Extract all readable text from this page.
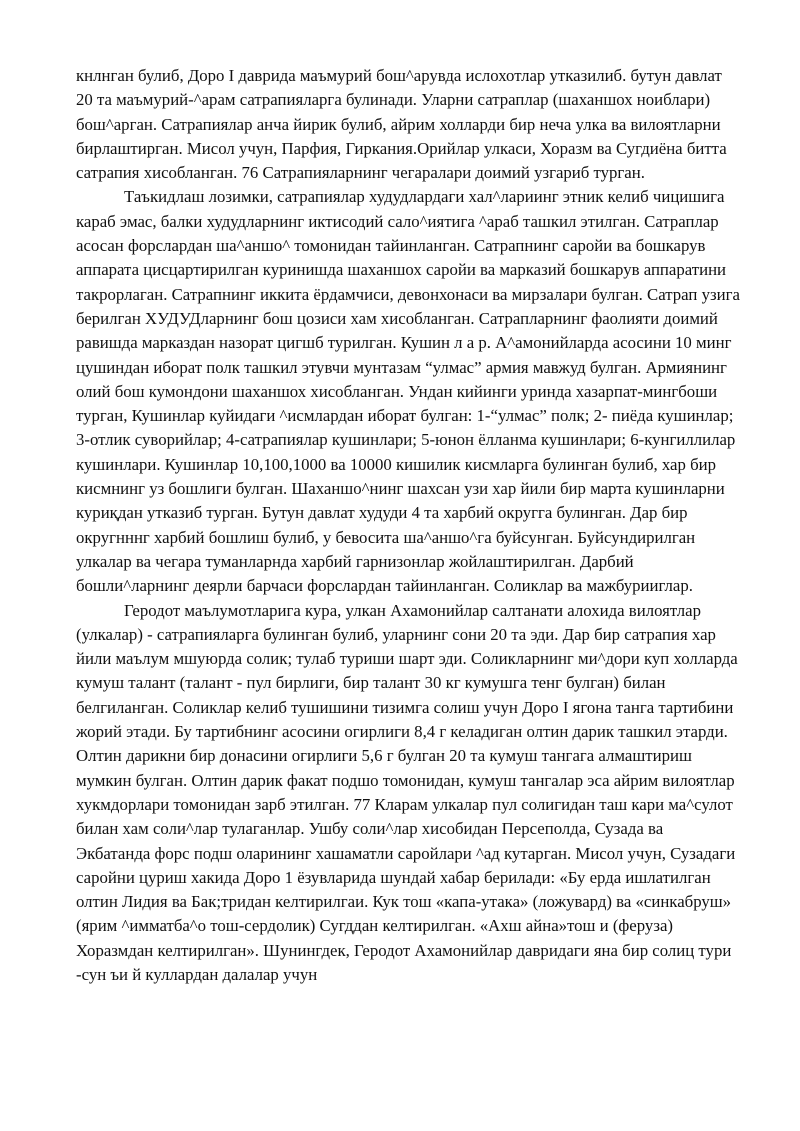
кнлнган булиб, Доро I даврида маъмурий бош^арувда ислохотлар утказилиб. бутун давлат 20 та маъмурий-^арам сатрапияларга булинади. Уларни сатраплар (шаханшох ноиблари) бош^арган. Сатрапиялар анча йирик булиб, айрим холларди бир неча улка ва вилоятларни бирлаштирган. Мисол учун, Парфия, Гиркания.Орийлар улкаси, Хоразм ва Сугдиёна битта сатрапия хисобланган. 76 Сатрапияларнинг чегаралари доимий узгариб турган.

Таъкидлаш лозимки, сатрапиялар худудлардаги хал^лариинг этник келиб чицишига караб эмас, балки худудларнинг иктисодий сало^иятига ^араб ташкил этилган. Сатраплар асосан форслардан ша^аншо^ томонидан тайинланган. Сатрапнинг саройи ва бошкарув аппарата цисцартирилган куринишда шаханшох саройи ва марказий бошкарув аппаратини такрорлаган. Сатрапнинг иккита ёрдамчиси, девонхонаси ва мирзалари булган. Сатрап узига берилган ХУДУДларнинг бош цозиси хам хисобланган. Сатрапларнинг фаолияти доимий равишда марказдан назорат цигшб турилган. Кушин л а р. А^амонийларда асосини 10 минг цушиндан иборат полк ташкил этувчи мунтазам “улмас” армия мавжуд булган. Армиянинг олий бош кумондони шаханшох хисобланган. Ундан кийинги уринда хазарпат-мингбоши турган, Кушинлар куйидаги ^исмлардан иборат булган: 1-“улмас” полк; 2- пиёда кушинлар; 3-отлик суворийлар; 4-сатрапиялар кушинлари; 5-юнон ёлланма кушинлари; 6-кунгиллилар кушинлари. Кушинлар 10,100,1000 ва 10000 кишилик кисмларга булинган булиб, хар бир кисмнинг уз бошлиги булган. Шаханшо^нинг шахсан узи хар йили бир марта кушинларни куриқдан утказиб турган. Бутун давлат худуди 4 та харбий округга булинган. Дар бир округнннг харбий бошлиш булиб, у бевосита ша^аншо^га буйсунган. Буйсундирилган улкалар ва чегара туманларнда харбий гарнизонлар жойлаштирилган. Дарбий бошли^ларнинг деярли барчаси форслардан тайинланган. Соликлар ва мажбурииглар.

Геродот маълумотларига кура, улкан Ахамонийлар салтанати алохида вилоятлар (улкалар) - сатрапияларга булинган булиб, уларнинг сони 20 та эди. Дар бир сатрапия хар йили маълум мшуюрда солик; тулаб туриши шарт эди. Соликларнинг ми^дори куп холларда кумуш талант (талант - пул бирлиги, бир талант 30 кг кумушга тенг булган) билан белгиланган. Соликлар келиб тушишини тизимга солиш учун Доро I ягона танга тартибини жорий этади. Бу тартибнинг асосини огирлиги 8,4 г келадиган олтин дарик ташкил этарди. Олтин дарикни бир донасини огирлиги 5,6 г булган 20 та кумуш тангага алмаштириш мумкин булган. Олтин дарик факат подшо томонидан, кумуш тангалар эса айрим вилоятлар хукмдорлари томонидан зарб этилган. 77 Кларам улкалар пул солигидан таш кари ма^сулот билан хам соли^лар тулаганлар. Ушбу соли^лар хисобидан Персеполда, Сузада ва Экбатанда форс подш оларининг хашаматли саройлари ^ад кутарган. Мисол учун, Сузадаги саройни цуриш хакида Доро 1 ёзувларида шундай хабар берилади: «Бу ерда ишлатилган олтин Лидия ва Бак;тридан келтирилгаи. Кук тош «капа-утака» (ложувард) ва «синкабруш» (ярим ^имматба^о тош-сердолик) Сугддан келтирилган. «Ахш айна»тош и (феруза) Хоразмдан келтирилган». Шунингдек, Геродот Ахамонийлар давридаги яна бир солиц тури -сун ъи й куллардан далалар учун
